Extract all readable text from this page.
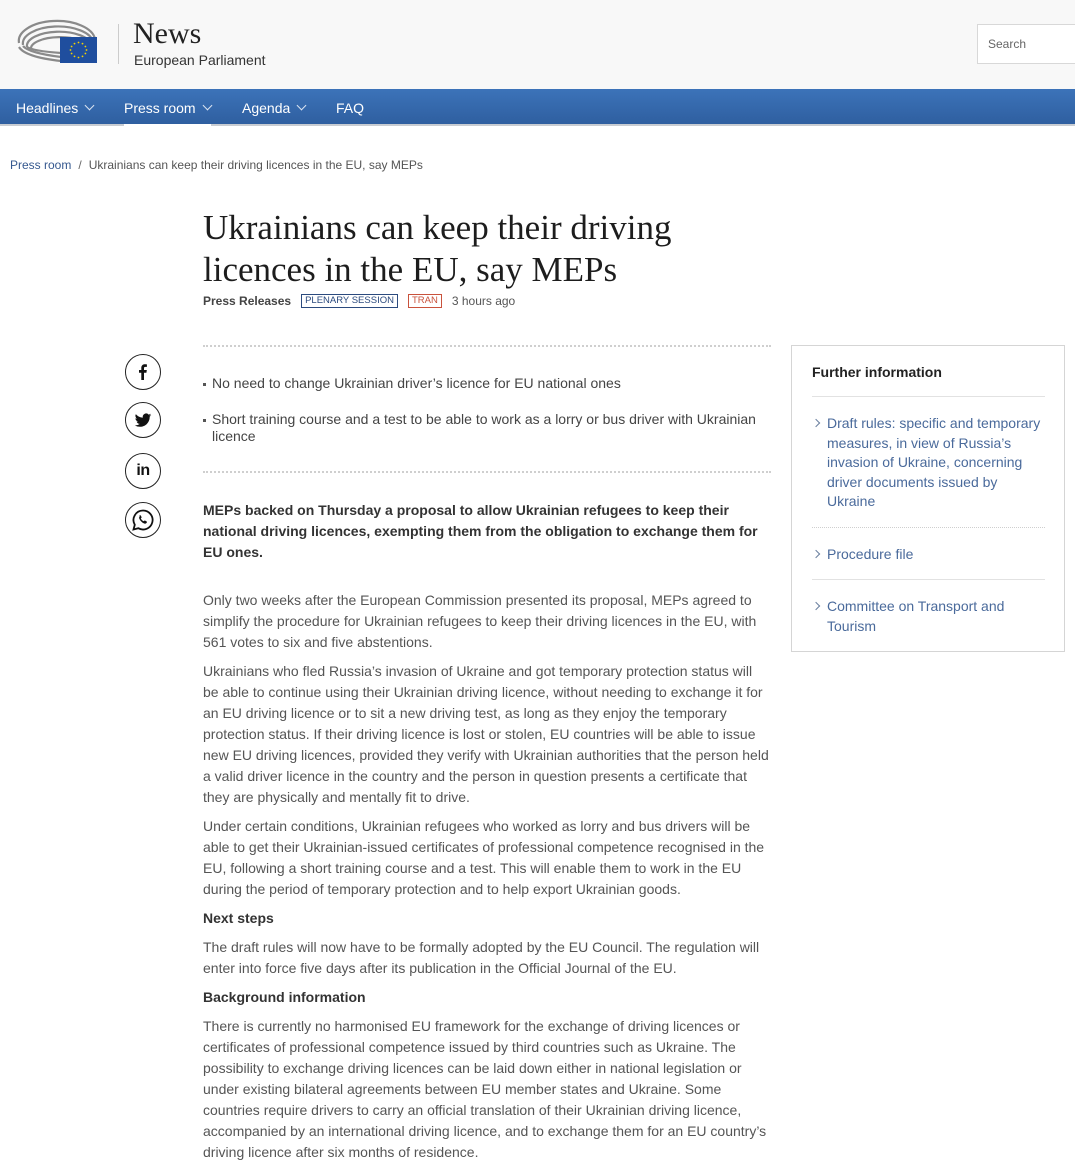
News
European Parliament
Search
Headlines	Press room	Agenda	FAQ
Press room / Ukrainians can keep their driving licences in the EU, say MEPs
Ukrainians can keep their driving licences in the EU, say MEPs
Press Releases	PLENARY SESSION	TRAN	3 hours ago
in
No need to change Ukrainian driver’s licence for EU national ones
Short training course and a test to be able to work as a lorry or bus driver with Ukrainian licence

MEPs backed on Thursday a proposal to allow Ukrainian refugees to keep their national driving licences, exempting them from the obligation to exchange them for EU ones.

Only two weeks after the European Commission presented its proposal, MEPs agreed to simplify the procedure for Ukrainian refugees to keep their driving licences in the EU, with 561 votes to six and five abstentions.

Ukrainians who fled Russia’s invasion of Ukraine and got temporary protection status will be able to continue using their Ukrainian driving licence, without needing to exchange it for an EU driving licence or to sit a new driving test, as long as they enjoy the temporary protection status. If their driving licence is lost or stolen, EU countries will be able to issue new EU driving licences, provided they verify with Ukrainian authorities that the person held a valid driver licence in the country and the person in question presents a certificate that they are physically and mentally fit to drive.

Under certain conditions, Ukrainian refugees who worked as lorry and bus drivers will be able to get their Ukrainian-issued certificates of professional competence recognised in the EU, following a short training course and a test. This will enable them to work in the EU during the period of temporary protection and to help export Ukrainian goods.

Next steps

The draft rules will now have to be formally adopted by the EU Council. The regulation will enter into force five days after its publication in the Official Journal of the EU.

Background information

There is currently no harmonised EU framework for the exchange of driving licences or certificates of professional competence issued by third countries such as Ukraine. The possibility to exchange driving licences can be laid down either in national legislation or under existing bilateral agreements between EU member states and Ukraine. Some countries require drivers to carry an official translation of their Ukrainian driving licence, accompanied by an international driving licence, and to exchange them for an EU country’s driving licence after six months of residence.

Further information
Draft rules: specific and temporary measures, in view of Russia’s invasion of Ukraine, concerning driver documents issued by Ukraine
Procedure file
Committee on Transport and Tourism
